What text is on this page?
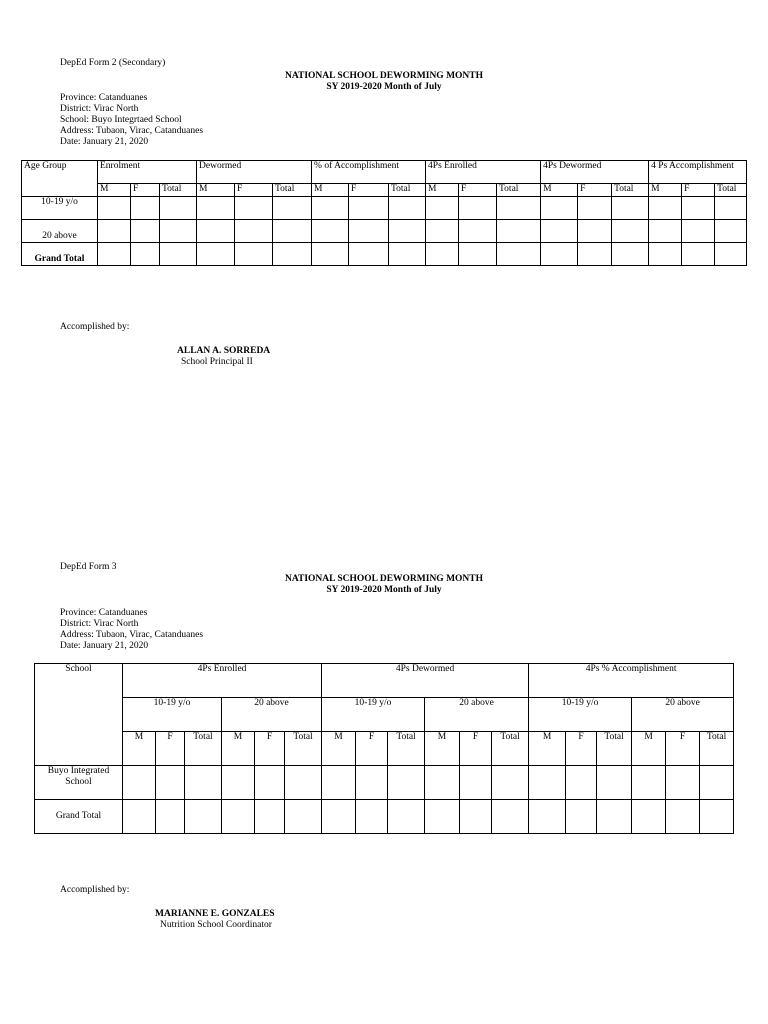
DepEd Form 2 (Secondary)
NATIONAL SCHOOL DEWORMING MONTH
SY 2019-2020 Month of July
Province: Catanduanes
District: Virac North
School: Buyo Integrtaed School
Address: Tubaon, Virac, Catanduanes
Date: January 21, 2020
Age Group	Enrolment			Dewormed			% of Accomplishment			4Ps Enrolled			4Ps Dewormed			4 Ps Accomplishment		
	M	F	Total	M	F	Total	M	F	Total	M	F	Total	M	F	Total	M	F	Total
10-19 y/o																		
20 above																		
Grand Total																		
Accomplished by:
ALLAN A. SORREDA
School Principal II
DepEd Form 3
NATIONAL SCHOOL DEWORMING MONTH
SY 2019-2020 Month of July
Province: Catanduanes
District: Virac North
Address: Tubaon, Virac, Catanduanes
Date: January 21, 2020
School	4Ps Enrolled						4Ps Dewormed						4Ps % Accomplishment					
	10-19 y/o			20 above			10-19 y/o			20 above			10-19 y/o			20 above		
	M	F	Total	M	F	Total	M	F	Total	M	F	Total	M	F	Total	M	F	Total
Buyo Integrated School																		
Grand Total																		
Accomplished by:
MARIANNE E. GONZALES
Nutrition School Coordinator
